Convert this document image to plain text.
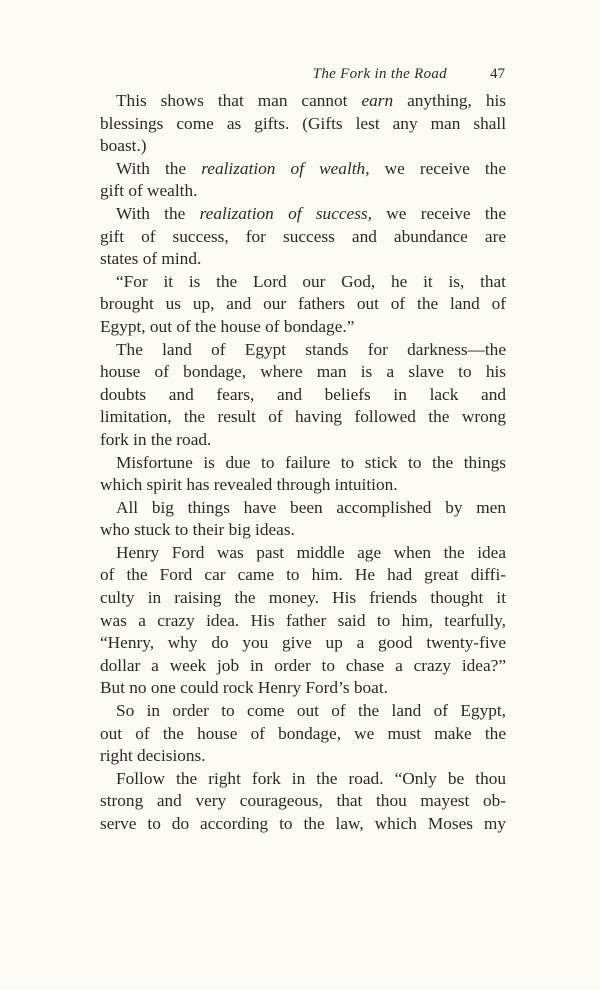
The Fork in the Road	47
This shows that man cannot earn anything, his
blessings come as gifts. (Gifts lest any man shall
boast.)
With the realization of wealth, we receive the
gift of wealth.
With the realization of success, we receive the
gift of success, for success and abundance are
states of mind.
“For it is the Lord our God, he it is, that
brought us up, and our fathers out of the land of
Egypt, out of the house of bondage.”
The land of Egypt stands for darkness—the
house of bondage, where man is a slave to his
doubts and fears, and beliefs in lack and
limitation, the result of having followed the wrong
fork in the road.
Misfortune is due to failure to stick to the things
which spirit has revealed through intuition.
All big things have been accomplished by men
who stuck to their big ideas.
Henry Ford was past middle age when the idea
of the Ford car came to him. He had great diffi-
culty in raising the money. His friends thought it
was a crazy idea. His father said to him, tearfully,
“Henry, why do you give up a good twenty-five
dollar a week job in order to chase a crazy idea?”
But no one could rock Henry Ford’s boat.
So in order to come out of the land of Egypt,
out of the house of bondage, we must make the
right decisions.
Follow the right fork in the road. “Only be thou
strong and very courageous, that thou mayest ob-
serve to do according to the law, which Moses my
